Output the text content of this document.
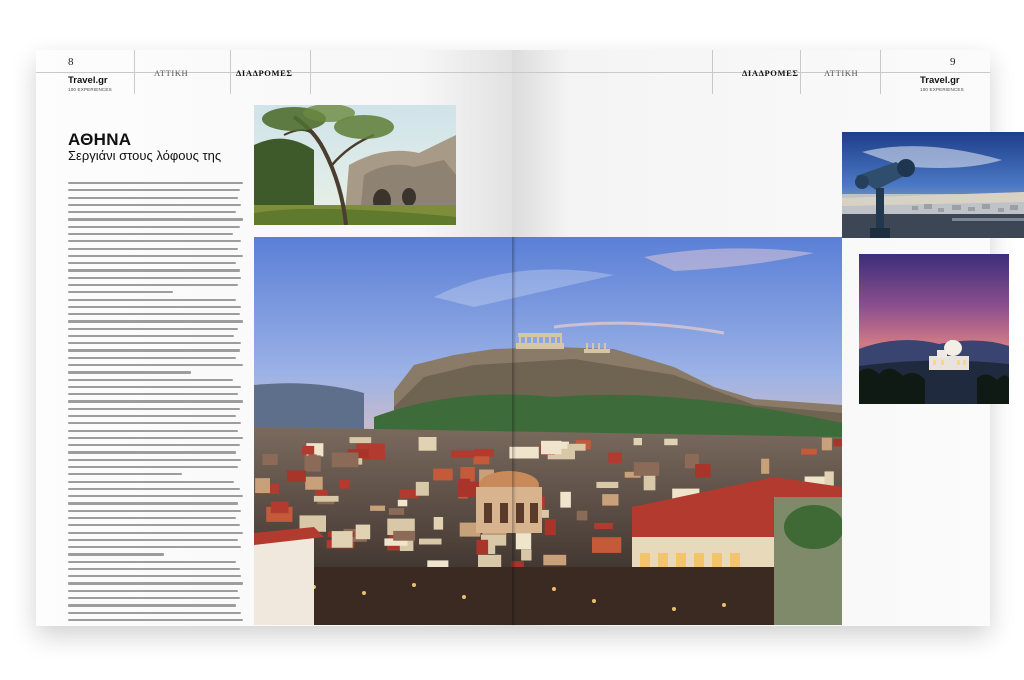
8
Travel.gr
100 EXPERIENCES
ΑΤΤΙΚΗ	ΔΙΑΔΡΟΜΕΣ
ΑΘΗΝΑ
Σεργιάνι στους λόφους της
ΔΙΑΔΡΟΜΕΣ	ΑΤΤΙΚΗ
9
Travel.gr
100 EXPERIENCES
